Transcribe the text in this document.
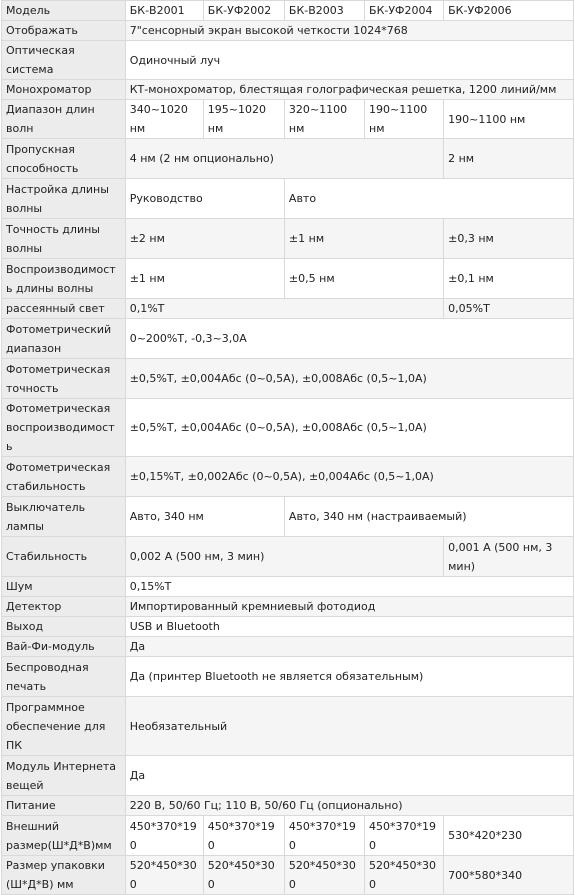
Модель	БК-В2001	БК-УФ2002	БК-В2003	БК-УФ2004	БК-УФ2006
Отображать	7"сенсорный экран высокой четкости 1024*768				
Оптическая система	Одиночный луч				
Монохроматор	КТ-монохроматор, блестящая голографическая решетка, 1200 линий/мм				
Диапазон длин волн	340~1020 нм	195~1020 нм	320~1100 нм	190~1100 нм	190~1100 нм
Пропускная способность	4 нм (2 нм опционально)				2 нм
Настройка длины волны	Руководство		Авто		
Точность длины волны	±2 нм		±1 нм		±0,3 нм
Воспроизводимость длины волны	±1 нм		±0,5 нм		±0,1 нм
рассеянный свет	0,1%T				0,05%T
Фотометрический диапазон	0~200%T, -0,3~3,0A				
Фотометрическая точность	±0,5%T, ±0,004Абс (0~0,5А), ±0,008Абс (0,5~1,0А)				
Фотометрическая воспроизводимость	±0,5%T, ±0,004Абс (0~0,5А), ±0,008Абс (0,5~1,0А)				
Фотометрическая стабильность	±0,15%T, ±0,002Абс (0~0,5А), ±0,004Абс (0,5~1,0А)				
Выключатель лампы	Авто, 340 нм		Авто, 340 нм (настраиваемый)		
Стабильность	0,002 А (500 нм, 3 мин)				0,001 А (500 нм, 3 мин)
Шум	0,15%T				
Детектор	Импортированный кремниевый фотодиод				
Выход	USB и Bluetooth				
Вай-Фи-модуль	Да				
Беспроводная печать	Да (принтер Bluetooth не является обязательным)				
Программное обеспечение для ПК	Необязательный				
Модуль Интернета вещей	Да				
Питание	220 В, 50/60 Гц; 110 В, 50/60 Гц (опционально)				
Внешний размер(Ш*Д*В)мм	450*370*190	450*370*190	450*370*190	450*370*190	530*420*230
Размер упаковки (Ш*Д*В) мм	520*450*300	520*450*300	520*450*300	520*450*300	700*580*340
